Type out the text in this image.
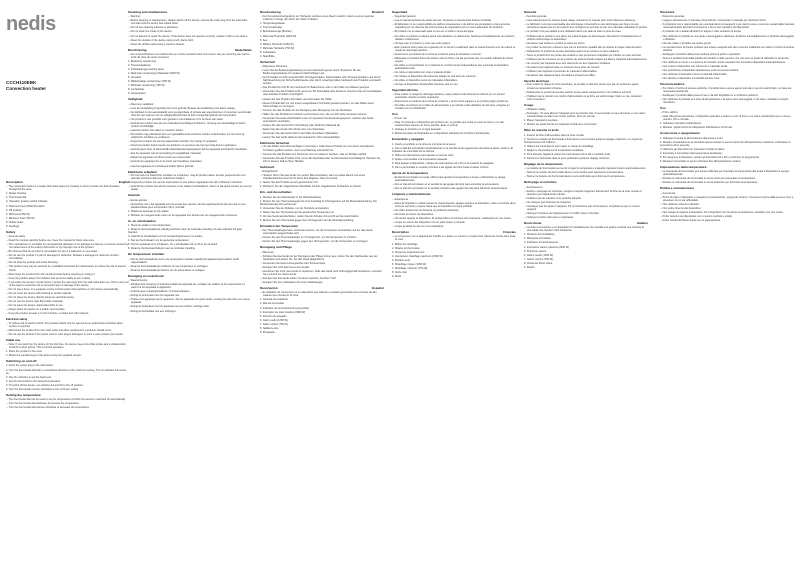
nedis
CCCH110EBK
Convection heater
Description	English
– The convection heater is a heater that heats space by creating a current of warm air that circulates throughout the area.
1. Heater housing
2. Thermostat dial
3. Operation (power) switch indicator
4. Maximum heat (2000 W) switch
5. Off position
6. Mid heat (1250 W)
7. Minimum heat (750 W)
8. Airflow outlet
9. Feet/legs
Safety
– General safety
– Read the manual carefully before use. Keep the manual for future reference.
– The manufacturer is not liable for consequential damages or for damage to property or persons caused by non-observance of the safety instructions or by improper use of the product.
– Be informed that the product is not suitable for use in a bathroom or near water.
– Do not use the product if a part is damaged or defective. Replace a damaged or defective product immediately.
– Do not drop the product and avoid bumping.
– This product may only be serviced by a qualified technician for maintenance to reduce the risk of electric shock.
– Disconnect the product from the electrical outlet before cleaning or moving it.
– Keep the product away from children and persons unable to use it safely.
– If you place the device in small rooms, remove the main plug from the wall outlet after use. This is only one of the ways to avoid the risk of personal injury or damage to the device.
– Do not use a timer, or a separate remote control system that switches on the device automatically.
– Do not cover the device with clothing or similar material.
– Do not place the device directly below an electrical socket.
– Do not use the device near flammable materials.
– Do not leave the device unattended while in use.
– Always place the device on a stable, level surface.
– Keep the product at least 1 m from furniture, curtains and other objects.
Electrical safety
– To reduce risk of electric shock, this product should only be opened by an authorized technician when service is required.
– Disconnect the product from the main outlet and other equipment if a problem should occur.
– Do not use the product if the power cord or main plug is damaged. In such a case contact your dealer.
Initial use
– Note: If you switch on the device for the first time, the device may emit a little smoke and a characteristic smell for a short period. This is normal operation.
1. Place the product in the area.
2. Mount the supplied legs to the device using the supplied screws.
Switching on and off
1. Insert the power plug in the wall socket.
2. Turn the thermostat dial fully in a clockwise direction to the maximum setting. The on indicator A3 comes on.
3. Use the switches to set the heat level.
4. Set the thermostat to the desired temperature.
5. To switch off the device, set switches A4 and A6 to the off position.
6. Turn the thermostat counter-clockwise to the minimum setting.
Setting the temperature
– The thermostat dial can be used to set the temperature at which the device is switched off automatically.
– Turn the thermostat dial clockwise to increase the temperature.
– Turn the thermostat dial counter-clockwise to decrease the temperature.
Cleaning and maintenance
– Warning
– Before cleaning or maintenance, always switch off the device, remove the main plug from the wall outlet and wait until the device has cooled down.
– Do not use cleaning solvents or abrasives.
– Do not clean the inside of the device.
– Do not attempt to repair the device. If the device does not operate correctly, replace it with a new device.
– Clean the outside of the device using a soft, damp cloth.
– Clean the airflow outlet using a vacuum cleaner.
Beschrijving	Nederlands
– De convectorkachel is een kachel die een ruimte verwarmt door het creëren van een stroming van warme lucht die door de ruimte circuleert.
1. Behuizing verwarming
2. Thermostaatknop
3. Indicatielampje werking (aan)
4. Maximale verwarming schakelaar (2000 W)
5. Uit-stand
6. Middelmatige verwarming (1250 W)
7. Minimale verwarming (750 W)
8. Luchtuitlaat
9. Voeten/poten
Veiligheid
– Algemene veiligheid
– Lees de handleiding zorgvuldig door voor gebruik. Bewaar de handleiding voor latere naslag.
– De fabrikant is niet aansprakelijk voor gevolgschade of schade aan eigendommen of personen veroorzaakt door het niet naleven van de veiligheidsinstructies of door oneigenlijk gebruik van het product.
– Het product is niet geschikt voor gebruik in een badkamer of in de buurt van water.
– Gebruik het product niet als een onderdeel beschadigd of defect is. Vervang een beschadigd of defect product onmiddellijk.
– Laat het product niet vallen en voorkom stoten.
– Dit product mag uitsluitend door een gekwalificeerde technicus worden onderhouden om het risico op elektrische schokken te verkleinen.
– Koppel het product los van het stopcontact voordat u het reinigt of verplaatst.
– Houd het product buiten bereik van kinderen en personen die het niet veilig kunnen gebruiken.
– Gebruik geen timer of afzonderlijk afstandsbedieningssysteem dat het apparaat automatisch inschakelt.
– Dek het apparaat niet af met kleding of vergelijkbaar materiaal.
– Plaats het apparaat niet direct onder een stopcontact.
– Gebruik het apparaat niet in de buurt van brandbare materialen.
– Laat het apparaat niet onbeheerd achter tijdens gebruik.
Elektrische veiligheid
– Om het risico op elektrische schokken te verkleinen, mag dit product alleen worden geopend door een erkende technicus wanneer onderhoud nodig is.
– Koppel het product los van het stopcontact en van andere apparatuur als zich problemen voordoen.
– Gebruik het product niet als het netsnoer of de stekker beschadigd is. Neem in dat geval contact op met uw dealer.
Gebruik
– Eerste gebruik
– Opmerking: Als u het apparaat voor de eerste keer aanzet, kan het apparaat korte tijd wat rook en een karakteristieke geur verspreiden. Dit is normaal.
1. Plaats het apparaat op zijn plaats.
2. Monteer de meegeleverde poten op het apparaat met behulp van de meegeleverde schroeven.
In- en uitschakelen
1. Steek de stekker in het stopcontact.
2. Draai de thermostaatknop volledig rechtsom naar de maximale instelling. De aan-indicator A3 gaat branden.
3. Gebruik de schakelaars om het verwarmingsniveau in te stellen.
4. Stel de thermostaat in op de gewenste temperatuur.
5. Om het apparaat uit te schakelen, zet u schakelaars A4 en A6 in de uit-stand.
6. Draai de thermostaat linksom naar de minimale instelling.
De temperatuur instellen
– Met de thermostaatknop kunt u de temperatuur instellen waarbij het apparaat automatisch wordt uitgeschakeld.
– Draai de thermostaatknop rechtsom om de temperatuur te verhogen.
– Draai de thermostaatknop linksom om de temperatuur te verlagen.
Reiniging en onderhoud
– Waarschuwing
– Schakel vóór reiniging of onderhoud altijd het apparaat uit, verwijder de stekker uit het stopcontact en wacht tot het apparaat is afgekoeld.
– Gebruik geen reinigingsmiddelen of schuurmiddelen.
– Reinig de binnenkant van het apparaat niet.
– Probeer het apparaat niet te repareren. Als het apparaat niet goed werkt, vervang het dan door een nieuw apparaat.
– Reinig de buitenkant van het apparaat met een zachte, vochtige doek.
– Reinig de luchtuitlaat met een stofzuiger.
Beschreibung	Deutsch
– Der Konvektionsheizgerät ist ein Heizgerät, welches einen Raum erwärmt, indem es einen warmen Luftstrom erzeugt, der durch den Raum zirkuliert.
1. Heizgerätegehäuse
2. Thermostatregler
3. Betriebsanzeige (Betrieb)
4. Maximale Heizstufe (2000 W)
5. Aus
6. Mittlere Heizstufe (1250 W)
7. Minimale Heizstufe (750 W)
8. Luftauslass
9. Standfüße
Sicherheit
– Allgemeine Sicherheit
– Lesen Sie die Bedienungsanleitung vor dem Gebrauch genau durch. Bewahren Sie die Bedienungsanleitung zum späteren Nachschlagen auf.
– Der Hersteller ist nicht verantwortlich für Folgeschäden, Sachschäden oder Personenschäden, die durch Nichtbeachtung der Sicherheitshinweise oder durch unsachgemäßen Gebrauch des Produkts verursacht wurden.
– Das Produkt ist nicht für den Gebrauch im Badezimmer oder in der Nähe von Wasser geeignet.
– Verwenden Sie das Produkt nicht, wenn ein Teil beschädigt oder defekt ist. Ersetzen Sie ein beschädigtes oder defektes Produkt unverzüglich.
– Lassen Sie das Produkt nicht fallen und vermeiden Sie Stöße.
– Dieses Produkt darf nur von einem ausgebildeten Techniker gewartet werden, um das Risiko eines Stromschlags zu verringern.
– Trennen Sie das Produkt vor der Reinigung oder Bewegung von der Steckdose.
– Halten Sie das Produkt von Kindern und Personen fern, die es nicht sicher benutzen können.
– Verwenden Sie keine Zeitschaltuhr oder ein separates Fernbedienungssystem, welches das Gerät automatisch einschaltet.
– Decken Sie das Gerät nicht mit Kleidung oder ähnlichem Material ab.
– Stellen Sie das Gerät nicht direkt unter eine Steckdose.
– Verwenden Sie das Gerät nicht in der Nähe brennbarer Materialien.
– Lassen Sie das Gerät während des Gebrauchs nicht unbeaufsichtigt.
Elektrische Sicherheit
– Um das Risiko eines Stromschlags zu verringern, sollte dieses Produkt nur von einem autorisierten Techniker geöffnet werden, wenn eine Wartung erforderlich ist.
– Trennen Sie das Produkt vom Stromnetz und von anderen Geräten, falls ein Problem auftritt.
– Verwenden Sie das Produkt nicht, wenn das Netzkabel oder der Netzstecker beschädigt ist. Wenden Sie sich in diesem Fall an Ihren Händler.
Gebrauch
– Erstgebrauch
– Hinweis: Wenn Sie das Gerät zum ersten Mal einschalten, kann es etwas Rauch und einen charakteristischen Geruch für kurze Zeit abgeben. Dies ist normal.
1. Stellen Sie das Produkt an den gewünschten Ort.
2. Montieren Sie die mitgelieferten Standfüße mit den mitgelieferten Schrauben am Gerät.
Ein- und Ausschalten
1. Stecken Sie den Netzstecker in die Wandsteckdose.
2. Drehen Sie den Thermostatregler bis zum Anschlag im Uhrzeigersinn auf die Maximaleinstellung. Die Betriebsanzeige A3 leuchtet auf.
3. Verwenden Sie die Schalter, um die Heizstufe einzustellen.
4. Stellen Sie den Thermostat auf die gewünschte Temperatur ein.
5. Um das Gerät auszuschalten, stellen Sie die Schalter A4 und A6 auf die Aus-Position.
6. Drehen Sie den Thermostat gegen den Uhrzeigersinn auf die Minimaleinstellung.
Einstellen der Temperatur
– Der Thermostatregler kann verwendet werden, um die Temperatur einzustellen, bei der das Gerät automatisch ausgeschaltet wird.
– Drehen Sie den Thermostatregler im Uhrzeigersinn, um die Temperatur zu erhöhen.
– Drehen Sie den Thermostatregler gegen den Uhrzeigersinn, um die Temperatur zu verringern.
Reinigung und Pflege
– Warnung!
– Schalten Sie das Gerät vor der Reinigung oder Pflege immer aus, ziehen Sie den Netzstecker aus der Steckdose und warten Sie, bis das Gerät abgekühlt ist.
– Verwenden Sie keine Lösungsmittel oder Scheuermittel.
– Reinigen Sie nicht das Innere des Geräts.
– Versuchen Sie nicht, das Gerät zu reparieren. Falls das Gerät nicht ordnungsgemäß funktioniert, ersetzen Sie es durch ein neues Gerät.
– Reinigen Sie das Gerät außen mit einem weichen, feuchten Tuch.
– Reinigen Sie den Luftauslass mit einem Staubsauger.
Descripción	Español
– El calefactor de convección es un dispositivo que calienta el espacio generando una corriente de aire caliente que circula por la zona.
1. Carcasa del calefactor
2. Dial del termostato
3. Indicador de funcionamiento (encendido)
4. Interruptor de calor máximo (2000 W)
5. Posición de apagado
6. Calor medio (1250 W)
7. Calor mínimo (750 W)
8. Salida de aire
9. Pies/patas
Seguridad
– Seguridad general
– Lea el manual atentamente antes del uso. Conserve el manual para futuras consultas.
– El fabricante no se responsabiliza de daños consecuentes o de daños a la propiedad o a las personas causados por no observar las instrucciones de seguridad o por un uso inadecuado del producto.
– El producto no es adecuado para su uso en un baño o cerca del agua.
– No utilice el producto si alguna pieza está dañada o es defectuosa. Sustituya inmediatamente un producto dañado o defectuoso.
– No deje caer el producto y evite que sufra golpes.
– Este producto solo puede ser reparado por un técnico cualificado para su mantenimiento a fin de reducir el riesgo de descarga eléctrica.
– Desconecte el producto de la toma de corriente antes de limpiarlo o moverlo.
– Mantenga el producto fuera del alcance de los niños y de las personas que no puedan utilizarlo de forma segura.
– No utilice un temporizador ni un sistema de control remoto independiente que encienda el dispositivo automáticamente.
– No cubra el dispositivo con ropa o material similar.
– No coloque el dispositivo directamente debajo de una toma de corriente.
– No utilice el dispositivo cerca de materiales inflamables.
– No deje el dispositivo desatendido mientras esté en uso.
Seguridad eléctrica
– Para reducir el riesgo de descarga eléctrica, este producto solo debería ser abierto por un técnico autorizado cuando necesite reparación.
– Desconecte el producto de la toma de corriente y de los otros equipos si se produce algún problema.
– No utilice el producto si el cable de alimentación o el enchufe están dañados. En tal caso, póngase en contacto con su distribuidor.
Uso
– Primer uso
– Nota: Si enciende el dispositivo por primera vez, es posible que emita un poco de humo y un olor característico durante un breve periodo. Esto es normal.
1. Coloque el producto en el lugar deseado.
2. Monte las patas suministradas en el dispositivo utilizando los tornillos suministrados.
Encendido y apagado
1. Inserte el enchufe en la toma de corriente de la pared.
2. Gire el dial del termostato completamente en el sentido de las agujas del reloj hasta el ajuste máximo. El indicador de encendido A3 se ilumina.
3. Utilice los interruptores para ajustar el nivel de calor.
4. Ajuste el termostato a la temperatura deseada.
5. Para apagar el dispositivo, coloque los interruptores A4 y A6 en la posición de apagado.
6. Gire el termostato en sentido contrario a las agujas del reloj hasta el ajuste mínimo.
Ajuste de la temperatura
– El dial del termostato se puede utilizar para ajustar la temperatura a la que el dispositivo se apaga automáticamente.
– Gire el dial del termostato en el sentido de las agujas del reloj para aumentar la temperatura.
– Gire el dial del termostato en el sentido contrario a las agujas del reloj para disminuir la temperatura.
Limpieza y mantenimiento
– Advertencia
– Antes de limpiarlo o realizar tareas de mantenimiento, apague siempre el dispositivo, retire el enchufe de la toma de corriente y espere hasta que el dispositivo se haya enfriado.
– No utilice disolventes de limpieza ni productos abrasivos.
– No limpie el interior del dispositivo.
– No intente reparar el dispositivo. Si el dispositivo no funciona correctamente, sustitúyalo por uno nuevo.
– Limpie el exterior del dispositivo con un paño suave y húmedo.
– Limpie la salida de aire con una aspiradora.
Description	Français
– Le convecteur est un appareil qui chauffe un espace en créant un courant d'air chaud qui circule dans toute la zone.
1. Boîtier du chauffage
2. Molette du thermostat
3. Voyant de fonctionnement
4. Interrupteur chauffage maximum (2000 W)
5. Position arrêt
6. Chauffage moyen (1250 W)
7. Chauffage minimum (750 W)
8. Sortie d'air
9. Pieds
Sécurité
– Sécurité générale
– Lisez attentivement le manuel avant usage. Conservez le manuel pour toute référence ultérieure.
– Le fabricant n'est pas responsable des dommages consécutifs ou des dommages aux biens ou aux personnes causés par le non-respect des consignes de sécurité ou par une mauvaise utilisation du produit.
– Le produit n'est pas adapté à une utilisation dans une salle de bain ou près de l'eau.
– N'utilisez pas le produit si une pièce est endommagée ou défectueuse. Remplacez immédiatement un produit endommagé ou défectueux.
– Ne laissez pas tomber le produit et évitez les chocs.
– Ce produit ne doit être entretenu que par un technicien qualifié afin de réduire le risque d'électrocution.
– Débranchez le produit de la prise électrique avant de le nettoyer ou de le déplacer.
– Tenez le produit hors de portée des enfants et des personnes incapables de l'utiliser en toute sécurité.
– N'utilisez pas de minuterie ou de système de télécommande séparé qui allume l'appareil automatiquement.
– Ne couvrez pas l'appareil avec des vêtements ou des matériaux similaires.
– Ne placez pas l'appareil juste en dessous d'une prise de courant.
– N'utilisez pas l'appareil à proximité de matériaux inflammables.
– Ne laissez pas l'appareil sans surveillance lorsqu'il est utilisé.
Sécurité électrique
– Pour réduire le risque de choc électrique, ce produit ne doit être ouvert que par un technicien agréé lorsqu'une réparation s'impose.
– Débranchez le produit de la prise secteur et des autres équipements si un problème survient.
– N'utilisez pas le produit si le cordon d'alimentation ou la fiche est endommagé. Dans ce cas, contactez votre revendeur.
Usage
– Utilisation initiale
– Remarque : Si vous allumez l'appareil pour la première fois, il peut émettre un peu de fumée et une odeur caractéristique pendant une courte période. Ceci est normal.
1. Placez l'appareil à sa place.
2. Montez les pieds fournis sur l'appareil à l'aide des vis fournies.
Mise en marche et arrêt
1. Insérez la fiche d'alimentation dans la prise murale.
2. Tournez la molette du thermostat à fond dans le sens horaire jusqu'au réglage maximum. Le voyant de fonctionnement A3 s'allume.
3. Utilisez les interrupteurs pour régler le niveau de chauffage.
4. Réglez le thermostat sur la température souhaitée.
5. Pour éteindre l'appareil, placez les interrupteurs A4 et A6 en position arrêt.
6. Tournez le thermostat dans le sens antihoraire jusqu'au réglage minimum.
Réglage de la température
– La molette du thermostat peut servir à régler la température à laquelle l'appareil s'éteint automatiquement.
– Tournez la molette du thermostat dans le sens horaire pour augmenter la température.
– Tournez la molette du thermostat dans le sens antihoraire pour diminuer la température.
Nettoyage et entretien
– Avertissement
– Avant le nettoyage ou l'entretien, éteignez toujours l'appareil, débranchez la fiche de la prise murale et attendez que l'appareil ait refroidi.
– N'utilisez pas de solvants ni de produits abrasifs.
– Ne nettoyez pas l'intérieur de l'appareil.
– N'essayez pas de réparer l'appareil. S'il ne fonctionne pas correctement, remplacez-le par un nouvel appareil.
– Nettoyez l'extérieur de l'appareil avec un chiffon doux et humide.
– Nettoyez la sortie d'air avec un aspirateur.
Descrizione	Italiano
– La stufa a convezione è un dispositivo di riscaldamento che riscalda uno spazio creando una corrente di aria calda che circola in tutto l'ambiente.
1. Struttura del riscaldatore
2. Manopola termostato
3. Indicatore di funzionamento
4. Interruttore calore massimo (2000 W)
5. Posizione spento
6. Calore medio (1250 W)
7. Calore minimo (750 W)
8. Uscita del flusso d'aria
9. Piedini
Sicurezza
– Sicurezza generale
– Leggere attentamente il manuale prima dell'uso. Conservare il manuale per riferimenti futuri.
– Il produttore non è responsabile per eventuali danni conseguenti o per danni a cose o persone causati dalla mancata osservanza delle istruzioni di sicurezza o da un uso improprio del dispositivo.
– Il prodotto non è adatto all'utilizzo in bagno o nelle vicinanze di acqua.
– Non utilizzare il prodotto se una parte è danneggiata o difettosa. Sostituire immediatamente un prodotto danneggiato o difettoso.
– Non far cadere il prodotto ed evitare gli urti.
– La manutenzione di questo prodotto può essere eseguita solo da un tecnico qualificato per ridurre il rischio di scossa elettrica.
– Scollegare il prodotto dalla presa elettrica prima di pulirlo o spostarlo.
– Tenere il prodotto fuori dalla portata dei bambini e delle persone che non sono in grado di utilizzarlo in sicurezza.
– Non utilizzare un timer o un sistema di controllo remoto separato che accenda il dispositivo automaticamente.
– Non coprire il dispositivo con indumenti o materiale simile.
– Non posizionare il dispositivo direttamente sotto una presa elettrica.
– Non utilizzare il dispositivo vicino a materiali infiammabili.
– Non lasciare il dispositivo incustodito durante l'uso.
Sicurezza elettrica
– Per ridurre il rischio di scosse elettriche, il prodotto deve essere aperto solo da un tecnico autorizzato, nel caso sia necessaria assistenza.
– Scollegare il prodotto dalla presa di rete e da altri dispositivi se si verificano problemi.
– Non utilizzare il prodotto se il cavo di alimentazione o la spina sono danneggiati. In tal caso, contattare il proprio rivenditore.
Uso
– Primo utilizzo
– Nota: Alla prima accensione, il dispositivo potrebbe emettere un po' di fumo e un odore caratteristico per un breve periodo. Ciò è normale.
1. Collocare il prodotto nell'ambiente.
2. Montare i piedini forniti sul dispositivo utilizzando le viti fornite.
Accensione e spegnimento
1. Collegare la spina di alimentazione alla presa a muro.
2. Ruotare completamente la manopola del termostato in senso orario fino all'impostazione massima. L'indicatore di accensione A3 si accende.
3. Utilizzare gli interruttori per impostare il livello di calore.
4. Impostare il termostato sulla temperatura desiderata.
5. Per spegnere il dispositivo, portare gli interruttori A4 e A6 in posizione di spegnimento.
6. Ruotare il termostato in senso antiorario fino all'impostazione minima.
Impostazione della temperatura
– La manopola del termostato può essere utilizzata per impostare la temperatura alla quale il dispositivo si spegne automaticamente.
– Ruotare la manopola del termostato in senso orario per aumentare la temperatura.
– Ruotare la manopola del termostato in senso antiorario per diminuire la temperatura.
Pulizia e manutenzione
– Avvertenza
– Prima di pulire il dispositivo o eseguire la manutenzione, spegnerlo sempre, rimuovere la spina dalla presa a muro e attendere che si sia raffreddato.
– Non utilizzare solventi o abrasivi.
– Non pulire l'interno del dispositivo.
– Non tentare di riparare il dispositivo. Se il dispositivo non funziona correttamente, sostituirlo con uno nuovo.
– Pulire l'esterno del dispositivo con un panno morbido e umido.
– Pulire l'uscita del flusso d'aria con un aspirapolvere.
